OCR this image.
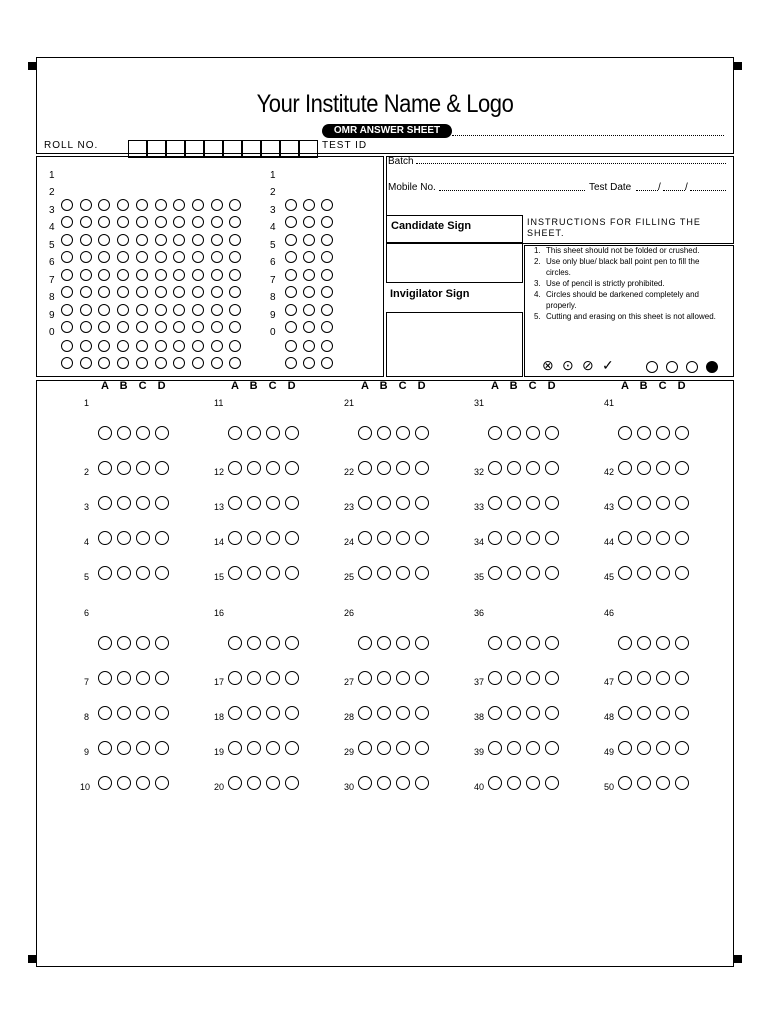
Your Institute Name & Logo
OMR ANSWER SHEET
ROLL NO.	TEST ID
1
2
3
4
5
6
7
8
9
0
1
2
3
4
5
6
7
8
9
0
Batch
Mobile No.	Test Date	/ /
Candidate Sign
Invigilator Sign
INSTRUCTIONS FOR FILLING THE SHEET.
1. This sheet should not be folded or crushed.
2. Use only blue/ black ball point pen to fill the circles.
3. Use of pencil is strictly prohibited.
4. Circles should be darkened completely and properly.
5. Cutting and erasing on this sheet is not allowed.
⊗ ⊙ ⊘ ✓
A B C D
1
2
3
4
5
6
7
8
9
10
A B C D
11
12
13
14
15
16
17
18
19
20
A B C D
21
22
23
24
25
26
27
28
29
30
A B C D
31
32
33
34
35
36
37
38
39
40
A B C D
41
42
43
44
45
46
47
48
49
50
